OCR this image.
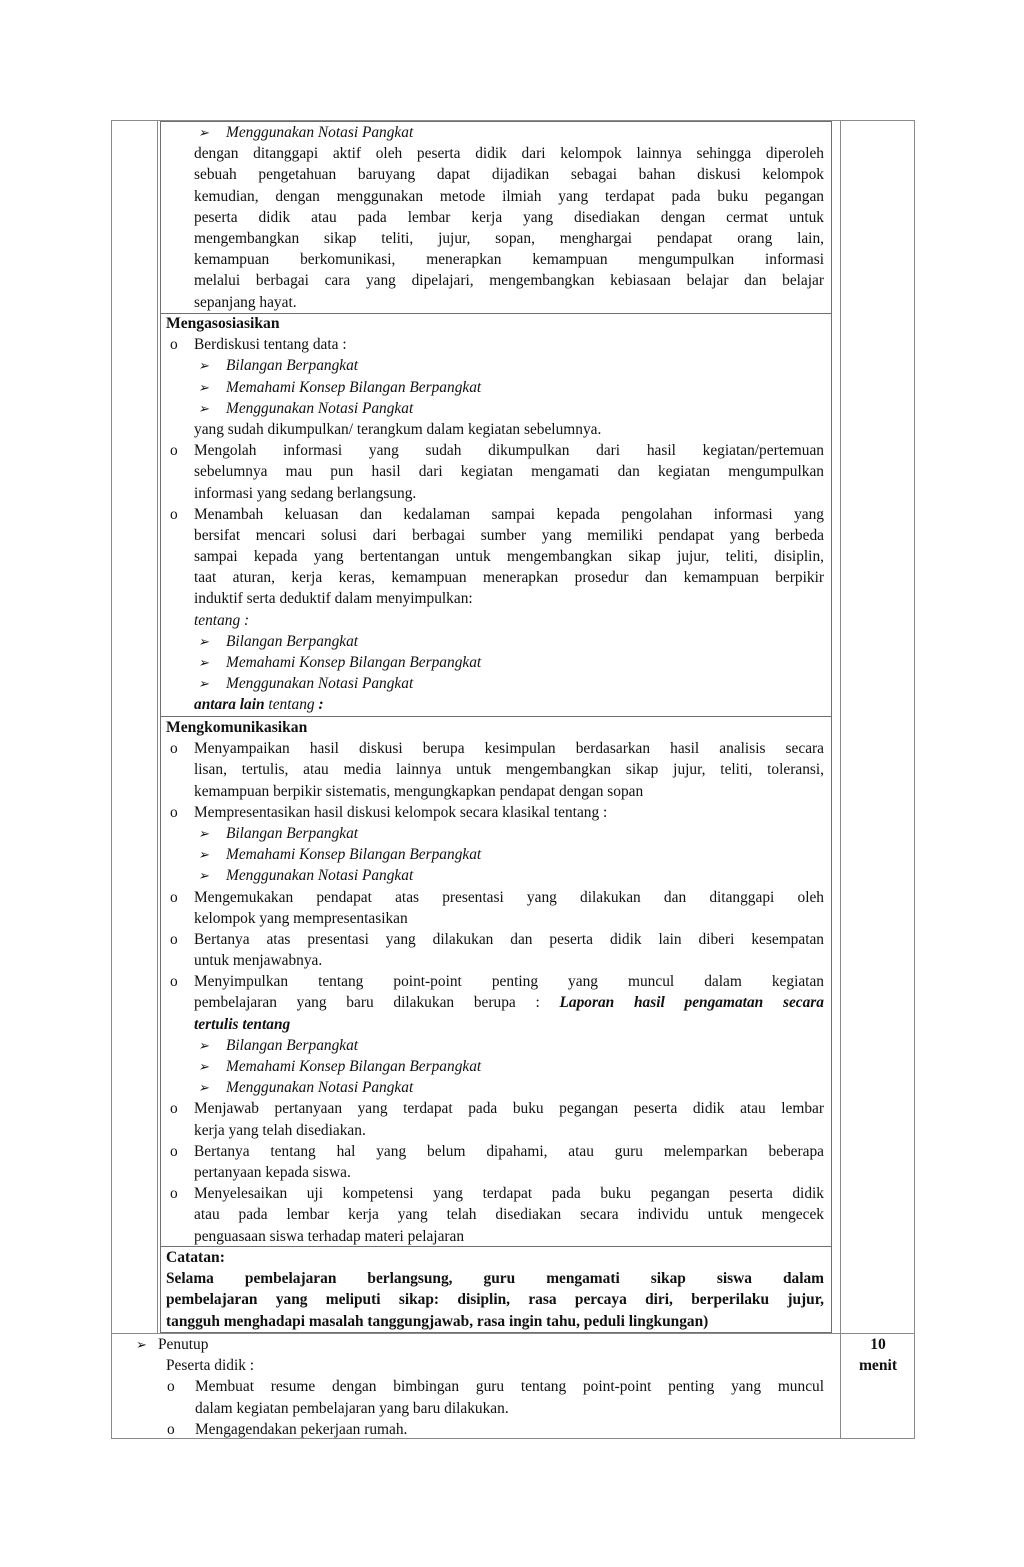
➢ Menggunakan Notasi Pangkat
dengan ditanggapi aktif oleh peserta didik dari kelompok lainnya sehingga diperoleh
sebuah pengetahuan baruyang dapat dijadikan sebagai bahan diskusi kelompok
kemudian, dengan menggunakan metode ilmiah yang terdapat pada buku pegangan
peserta didik atau pada lembar kerja yang disediakan dengan cermat untuk
mengembangkan sikap teliti, jujur, sopan, menghargai pendapat orang lain,
kemampuan berkomunikasi, menerapkan kemampuan mengumpulkan informasi
melalui berbagai cara yang dipelajari, mengembangkan kebiasaan belajar dan belajar
sepanjang hayat.
Mengasosiasikan
o Berdiskusi tentang data :
➢ Bilangan Berpangkat
➢ Memahami Konsep Bilangan Berpangkat
➢ Menggunakan Notasi Pangkat
yang sudah dikumpulkan/ terangkum dalam kegiatan sebelumnya.
o Mengolah informasi yang sudah dikumpulkan dari hasil kegiatan/pertemuan
sebelumnya mau pun hasil dari kegiatan mengamati dan kegiatan mengumpulkan
informasi yang sedang berlangsung.
o Menambah keluasan dan kedalaman sampai kepada pengolahan informasi yang
bersifat mencari solusi dari berbagai sumber yang memiliki pendapat yang berbeda
sampai kepada yang bertentangan untuk mengembangkan sikap jujur, teliti, disiplin,
taat aturan, kerja keras, kemampuan menerapkan prosedur dan kemampuan berpikir
induktif serta deduktif dalam menyimpulkan:
tentang :
➢ Bilangan Berpangkat
➢ Memahami Konsep Bilangan Berpangkat
➢ Menggunakan Notasi Pangkat
antara lain tentang :
Mengkomunikasikan
o Menyampaikan hasil diskusi berupa kesimpulan berdasarkan hasil analisis secara
lisan, tertulis, atau media lainnya untuk mengembangkan sikap jujur, teliti, toleransi,
kemampuan berpikir sistematis, mengungkapkan pendapat dengan sopan
o Mempresentasikan hasil diskusi kelompok secara klasikal tentang :
➢ Bilangan Berpangkat
➢ Memahami Konsep Bilangan Berpangkat
➢ Menggunakan Notasi Pangkat
o Mengemukakan pendapat atas presentasi yang dilakukan dan ditanggapi oleh
kelompok yang mempresentasikan
o Bertanya atas presentasi yang dilakukan dan peserta didik lain diberi kesempatan
untuk menjawabnya.
o Menyimpulkan tentang point-point penting yang muncul dalam kegiatan
pembelajaran yang baru dilakukan berupa : Laporan hasil pengamatan secara
tertulis tentang
➢ Bilangan Berpangkat
➢ Memahami Konsep Bilangan Berpangkat
➢ Menggunakan Notasi Pangkat
o Menjawab pertanyaan yang terdapat pada buku pegangan peserta didik atau lembar
kerja yang telah disediakan.
o Bertanya tentang hal yang belum dipahami, atau guru melemparkan beberapa
pertanyaan kepada siswa.
o Menyelesaikan uji kompetensi yang terdapat pada buku pegangan peserta didik
atau pada lembar kerja yang telah disediakan secara individu untuk mengecek
penguasaan siswa terhadap materi pelajaran
Catatan:
Selama pembelajaran berlangsung, guru mengamati sikap siswa dalam
pembelajaran yang meliputi sikap: disiplin, rasa percaya diri, berperilaku jujur,
tangguh menghadapi masalah tanggungjawab, rasa ingin tahu, peduli lingkungan)
➢ Penutup
Peserta didik :
o Membuat resume dengan bimbingan guru tentang point-point penting yang muncul
dalam kegiatan pembelajaran yang baru dilakukan.
o Mengagendakan pekerjaan rumah.
10
menit
